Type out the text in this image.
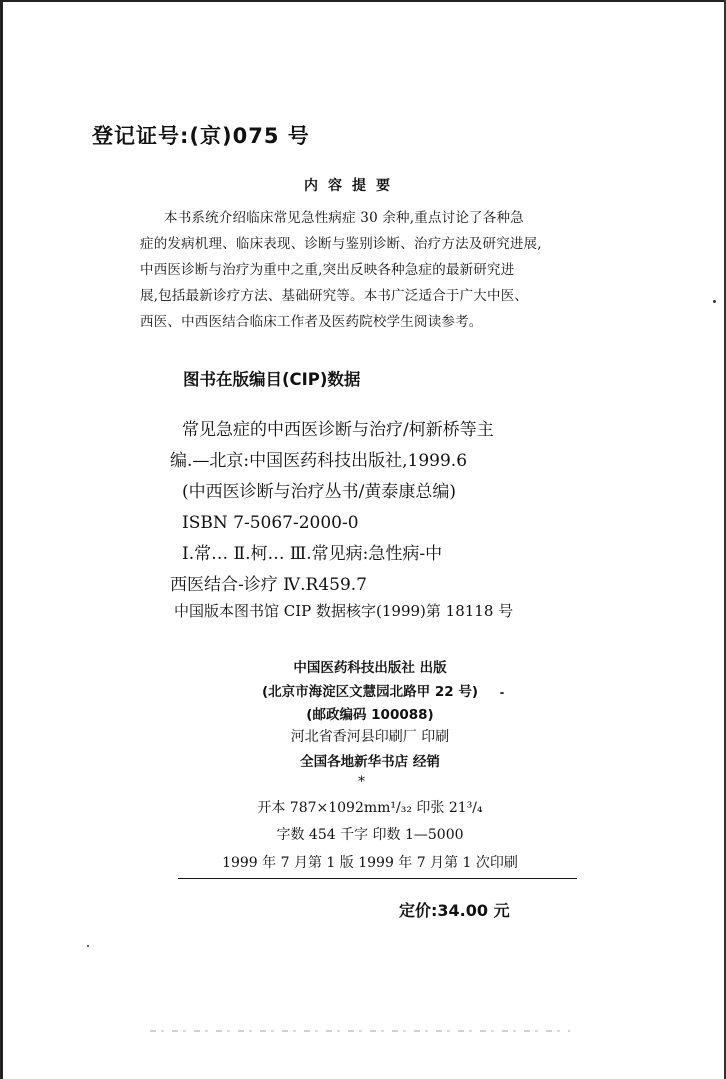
登记证号:(京)075 号
内容提要
本书系统介绍临床常见急性病症 30 余种,重点讨论了各种急
症的发病机理、临床表现、诊断与鉴别诊断、治疗方法及研究进展,
中西医诊断与治疗为重中之重,突出反映各种急症的最新研究进
展,包括最新诊疗方法、基础研究等。本书广泛适合于广大中医、
西医、中西医结合临床工作者及医药院校学生阅读参考。
图书在版编目(CIP)数据
常见急症的中西医诊断与治疗/柯新桥等主
编.—北京:中国医药科技出版社,1999.6
(中西医诊断与治疗丛书/黄泰康总编)
ISBN 7-5067-2000-0
Ⅰ.常… Ⅱ.柯… Ⅲ.常见病:急性病-中
西医结合-诊疗 Ⅳ.R459.7
中国版本图书馆 CIP 数据核字(1999)第 18118 号
中国医药科技出版社 出版
(北京市海淀区文慧园北路甲 22 号)
(邮政编码 100088)
河北省香河县印刷厂 印刷
全国各地新华书店 经销
*
开本 787×1092mm¹/₃₂ 印张 21³/₄
字数 454 千字 印数 1—5000
1999 年 7 月第 1 版 1999 年 7 月第 1 次印刷
定价:34.00 元
